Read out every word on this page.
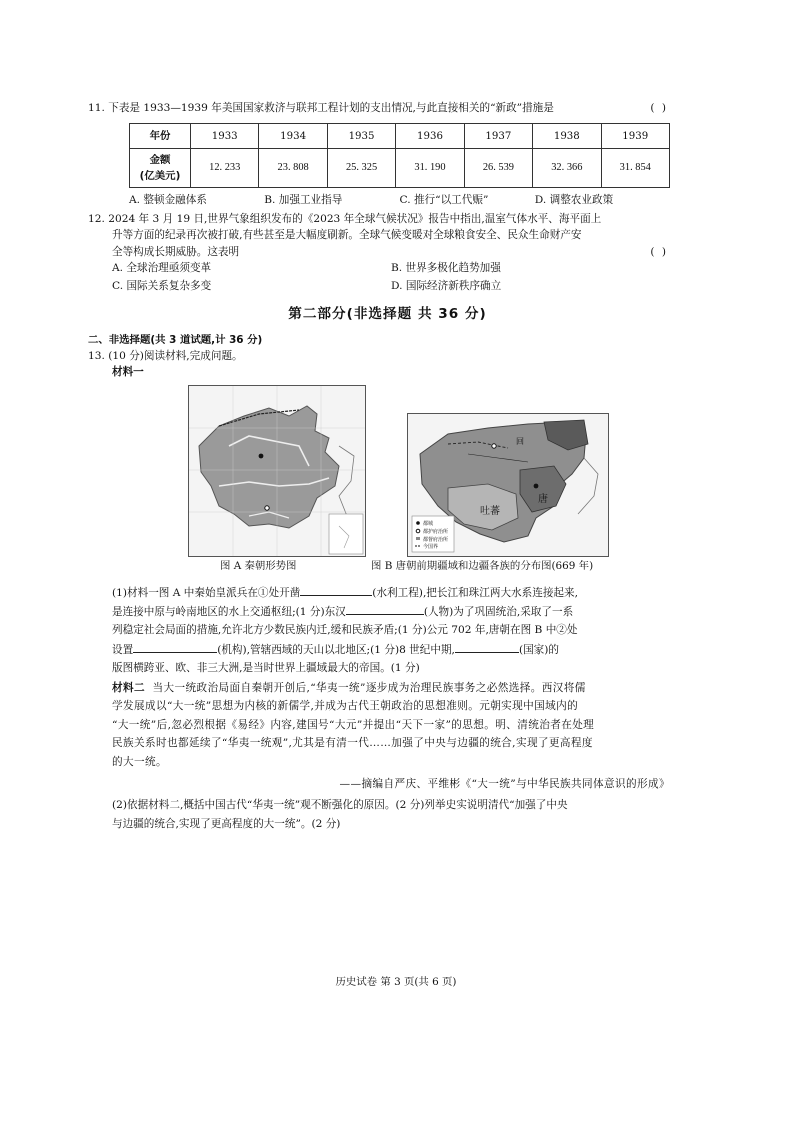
11. 下表是 1933—1939 年美国国家救济与联邦工程计划的支出情况,与此直接相关的“新政”措施是	( )
年份	1933	1934	1935	1936	1937	1938	1939

金额
(亿美元)	12. 233	23. 808	25. 325	31. 190	26. 539	32. 366	31. 854
A. 整顿金融体系	B. 加强工业指导	C. 推行“以工代赈”	D. 调整农业政策

12. 2024 年 3 月 19 日,世界气象组织发布的《2023 年全球气候状况》报告中指出,温室气体水平、海平面上

升等方面的纪录再次被打破,有些甚至是大幅度刷新。全球气候变暖对全球粮食安全、民众生命财产安

全等构成长期威胁。这表明	( )
A. 全球治理亟须变革	B. 世界多极化趋势加强
C. 国际关系复杂多变	D. 国际经济新秩序确立
第二部分(非选择题 共 36 分)

二、非选择题(共 3 道试题,计 36 分)

13. (10 分)阅读材料,完成问题。

材料一

吐蕃
唐
回
都城
都护府治所
都督府治所
今国界
图 A 秦朝形势图	图 B 唐朝前期疆域和边疆各族的分布图(669 年)

(1)材料一图 A 中秦始皇派兵在①处开凿	(水利工程),把长江和珠江两大水系连接起来,

是连接中原与岭南地区的水上交通枢纽;(1 分)东汉	(人物)为了巩固统治,采取了一系

列稳定社会局面的措施,允许北方少数民族内迁,缓和民族矛盾;(1 分)公元 702 年,唐朝在图 B 中②处

设置	(机构),管辖西域的天山以北地区;(1 分)8 世纪中期,	(国家)的

版图横跨亚、欧、非三大洲,是当时世界上疆域最大的帝国。(1 分)

材料二 当大一统政治局面自秦朝开创后,“华夷一统”逐步成为治理民族事务之必然选择。西汉将儒

学发展成以“大一统”思想为内核的新儒学,并成为古代王朝政治的思想准则。元朝实现中国域内的

“大一统”后,忽必烈根据《易经》内容,建国号“大元”并提出“天下一家”的思想。明、清统治者在处理

民族关系时也都延续了“华夷一统观”,尤其是有清一代……加强了中央与边疆的统合,实现了更高程度

的大一统。

——摘编自严庆、平维彬《“大一统”与中华民族共同体意识的形成》

(2)依据材料二,概括中国古代“华夷一统”观不断强化的原因。(2 分)列举史实说明清代“加强了中央

与边疆的统合,实现了更高程度的大一统”。(2 分)

历史试卷 第 3 页(共 6 页)
